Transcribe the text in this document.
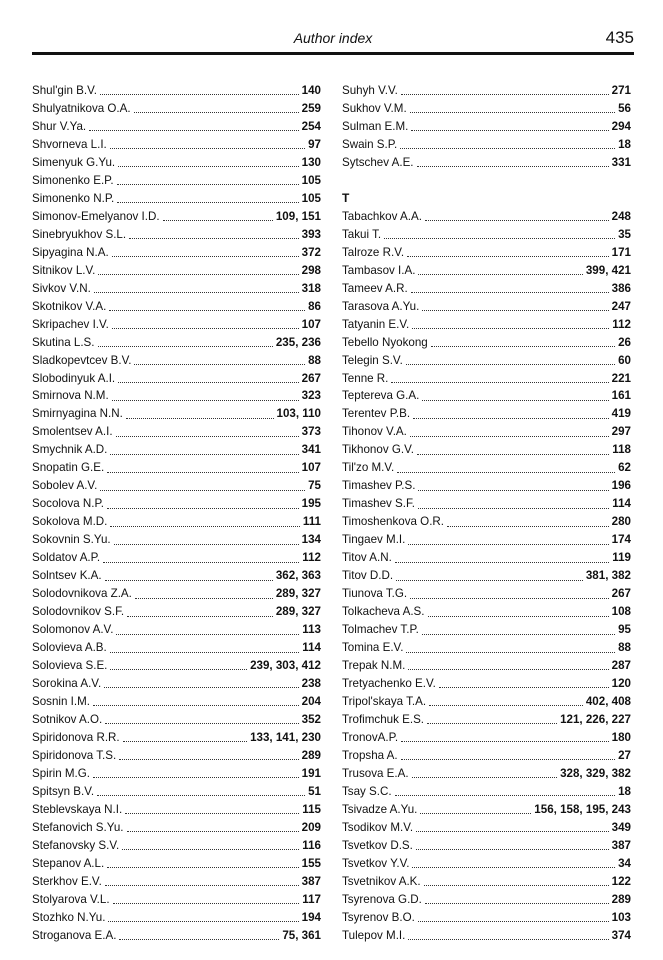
Author index	435
Shul'gin B.V.	140
Shulyatnikova O.A.	259
Shur V.Ya.	254
Shvorneva L.I.	97
Simenyuk G.Yu.	130
Simonenko E.P.	105
Simonenko N.P.	105
Simonov-Emelyanov I.D.	109, 151
Sinebryukhov S.L.	393
Sipyagina N.A.	372
Sitnikov L.V.	298
Sivkov V.N.	318
Skotnikov V.A.	86
Skripachev I.V.	107
Skutina L.S.	235, 236
Sladkopevtcev B.V.	88
Slobodinyuk A.I.	267
Smirnova N.M.	323
Smirnyagina N.N.	103, 110
Smolentsev A.I.	373
Smychnik A.D.	341
Snopatin G.E.	107
Sobolev A.V.	75
Socolova N.P.	195
Sokolova M.D.	111
Sokovnin S.Yu.	134
Soldatov A.P.	112
Solntsev K.A.	362, 363
Solodovnikova Z.A.	289, 327
Solodovnikov S.F.	289, 327
Solomonov A.V.	113
Solovieva A.B.	114
Solovieva S.E.	239, 303, 412
Sorokina A.V.	238
Sosnin I.M.	204
Sotnikov A.O.	352
Spiridonova R.R.	133, 141, 230
Spiridonova T.S.	289
Spirin M.G.	191
Spitsyn B.V.	51
Steblevskaya N.I.	115
Stefanovich S.Yu.	209
Stefanovsky S.V.	116
Stepanov A.L.	155
Sterkhov E.V.	387
Stolyarova V.L.	117
Stozhko N.Yu.	194
Stroganova E.A.	75, 361
Suhyh V.V.	271
Sukhov V.M.	56
Sulman E.M.	294
Swain S.P.	18
Sytschev A.E.	331
T
Tabachkov A.A.	248
Takui T.	35
Talroze R.V.	171
Tambasov I.A.	399, 421
Tameev A.R.	386
Tarasova A.Yu.	247
Tatyanin E.V.	112
Tebello Nyokong	26
Telegin S.V.	60
Tenne R.	221
Teptereva G.A.	161
Terentev P.B.	419
Tihonov V.A.	297
Tikhonov G.V.	118
Til'zo M.V.	62
Timashev P.S.	196
Timashev S.F.	114
Timoshenkova O.R.	280
Tingaev M.I.	174
Titov A.N.	119
Titov D.D.	381, 382
Tiunova T.G.	267
Tolkacheva A.S.	108
Tolmachev T.P.	95
Tomina E.V.	88
Trepak N.M.	287
Tretyachenko E.V.	120
Tripol'skaya T.A.	402, 408
Trofimchuk E.S.	121, 226, 227
TronovA.P.	180
Tropsha A.	27
Trusova E.A.	328, 329, 382
Tsay S.C.	18
Tsivadze A.Yu.	156, 158, 195, 243
Tsodikov M.V.	349
Tsvetkov D.S.	387
Tsvetkov Y.V.	34
Tsvetnikov A.K.	122
Tsyrenova G.D.	289
Tsyrenov B.O.	103
Tulepov M.I.	374
